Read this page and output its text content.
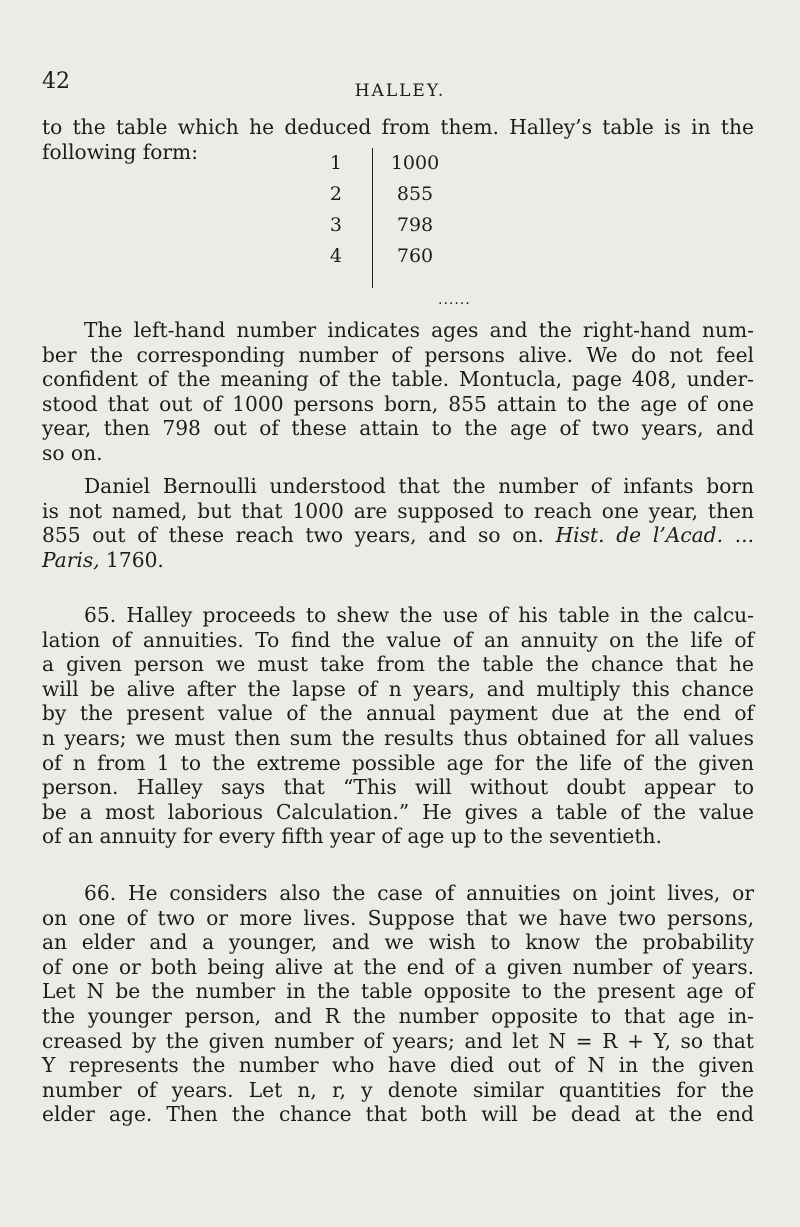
42	HALLEY.
to the table which he deduced from them. Halley’s table is in the
following form:	1	1000
2	855
3	798
4	760
......
The left-hand number indicates ages and the right-hand num-
ber the corresponding number of persons alive. We do not feel
confident of the meaning of the table. Montucla, page 408, under-
stood that out of 1000 persons born, 855 attain to the age of one
year, then 798 out of these attain to the age of two years, and
so on.
Daniel Bernoulli understood that the number of infants born
is not named, but that 1000 are supposed to reach one year, then
855 out of these reach two years, and so on. Hist. de l’Acad. ...
Paris, 1760.
65. Halley proceeds to shew the use of his table in the calcu-
lation of annuities. To find the value of an annuity on the life of
a given person we must take from the table the chance that he
will be alive after the lapse of n years, and multiply this chance
by the present value of the annual payment due at the end of
n years; we must then sum the results thus obtained for all values
of n from 1 to the extreme possible age for the life of the given
person. Halley says that “This will without doubt appear to
be a most laborious Calculation.” He gives a table of the value
of an annuity for every fifth year of age up to the seventieth.
66. He considers also the case of annuities on joint lives, or
on one of two or more lives. Suppose that we have two persons,
an elder and a younger, and we wish to know the probability
of one or both being alive at the end of a given number of years.
Let N be the number in the table opposite to the present age of
the younger person, and R the number opposite to that age in-
creased by the given number of years; and let N = R + Y, so that
Y represents the number who have died out of N in the given
number of years. Let n, r, y denote similar quantities for the
elder age. Then the chance that both will be dead at the end
